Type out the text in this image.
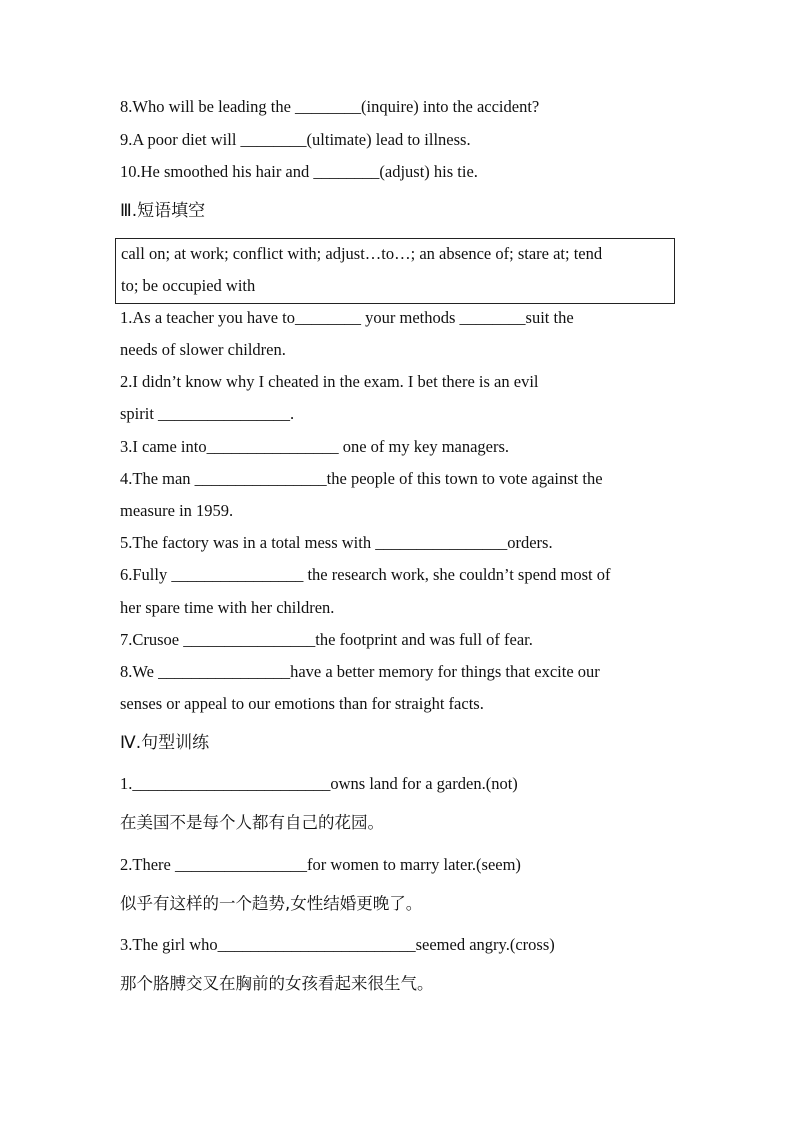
8.Who will be leading the ________(inquire) into the accident?
9.A poor diet will ________(ultimate) lead to illness.
10.He smoothed his hair and ________(adjust) his tie.
Ⅲ.短语填空
call on; at work; conflict with; adjust…to…; an absence of; stare at; tend
to; be occupied with
1.As a teacher you have to________ your methods ________suit the
needs of slower children.
2.I didn’t know why I cheated in the exam. I bet there is an evil
spirit ________________.
3.I came into________________ one of my key managers.
4.The man ________________the people of this town to vote against the
measure in 1959.
5.The factory was in a total mess with ________________orders.
6.Fully ________________ the research work, she couldn’t spend most of
her spare time with her children.
7.Crusoe ________________the footprint and was full of fear.
8.We ________________have a better memory for things that excite our
senses or appeal to our emotions than for straight facts.
Ⅳ.句型训练
1.________________________owns land for a garden.(not)
在美国不是每个人都有自己的花园。
2.There ________________for women to marry later.(seem)
似乎有这样的一个趋势,女性结婚更晚了。
3.The girl who________________________seemed angry.(cross)
那个胳膊交叉在胸前的女孩看起来很生气。
